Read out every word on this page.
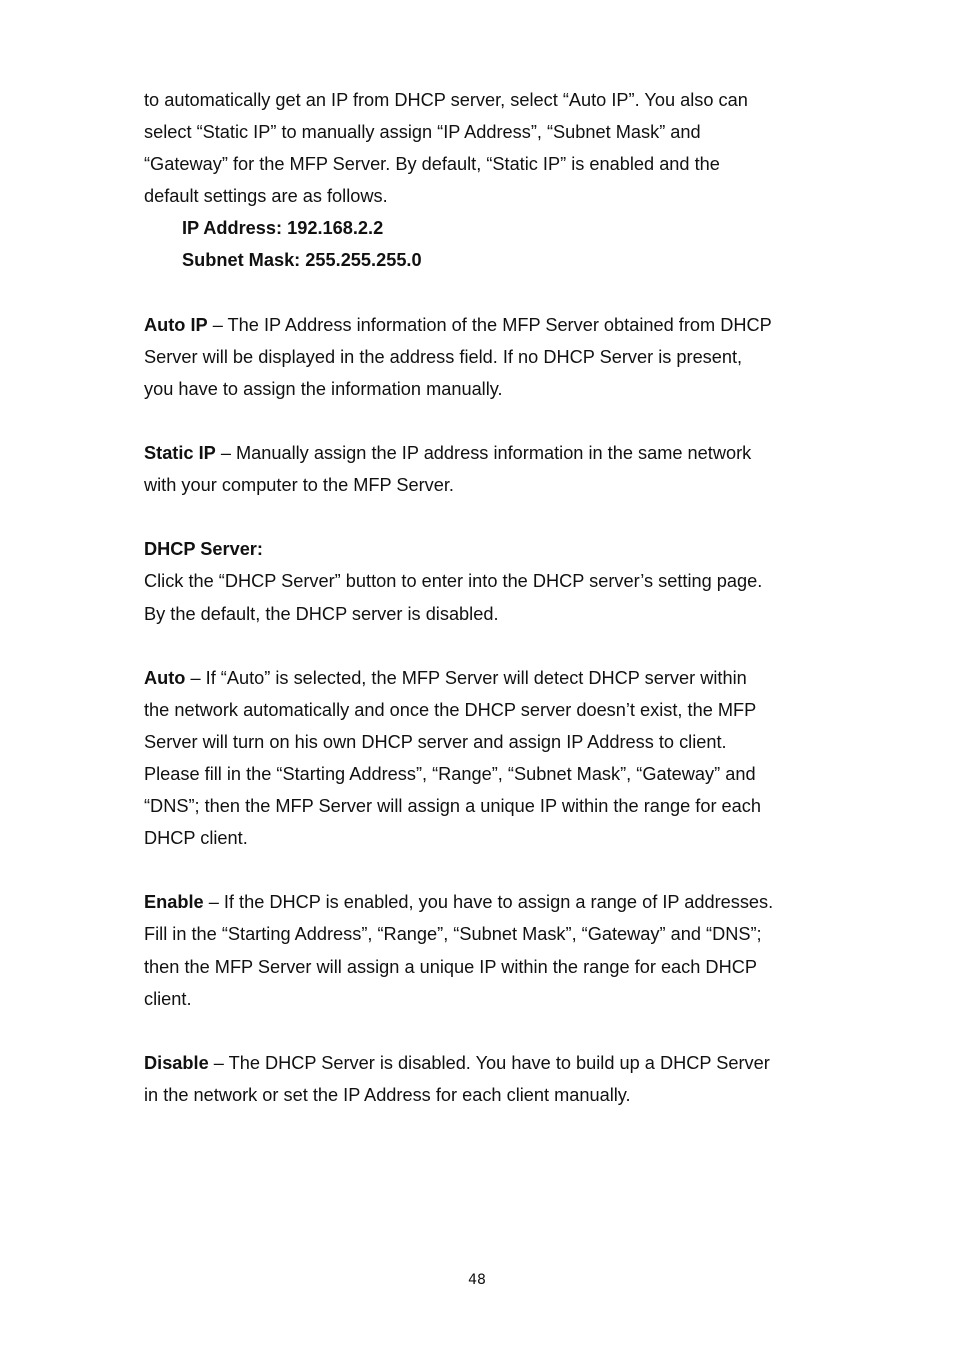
to automatically get an IP from DHCP server, select “Auto IP”. You also can
select “Static IP” to manually assign “IP Address”, “Subnet Mask” and
“Gateway” for the MFP Server. By default, “Static IP” is enabled and the
default settings are as follows.
IP Address: 192.168.2.2
Subnet Mask: 255.255.255.0
Auto IP – The IP Address information of the MFP Server obtained from DHCP
Server will be displayed in the address field. If no DHCP Server is present,
you have to assign the information manually.
Static IP – Manually assign the IP address information in the same network
with your computer to the MFP Server.
DHCP Server:
Click the “DHCP Server” button to enter into the DHCP server’s setting page.
By the default, the DHCP server is disabled.
Auto – If “Auto” is selected, the MFP Server will detect DHCP server within
the network automatically and once the DHCP server doesn’t exist, the MFP
Server will turn on his own DHCP server and assign IP Address to client.
Please fill in the “Starting Address”, “Range”, “Subnet Mask”, “Gateway” and
“DNS”; then the MFP Server will assign a unique IP within the range for each
DHCP client.
Enable – If the DHCP is enabled, you have to assign a range of IP addresses.
Fill in the “Starting Address”, “Range”, “Subnet Mask”, “Gateway” and “DNS”;
then the MFP Server will assign a unique IP within the range for each DHCP
client.
Disable – The DHCP Server is disabled. You have to build up a DHCP Server
in the network or set the IP Address for each client manually.
48
